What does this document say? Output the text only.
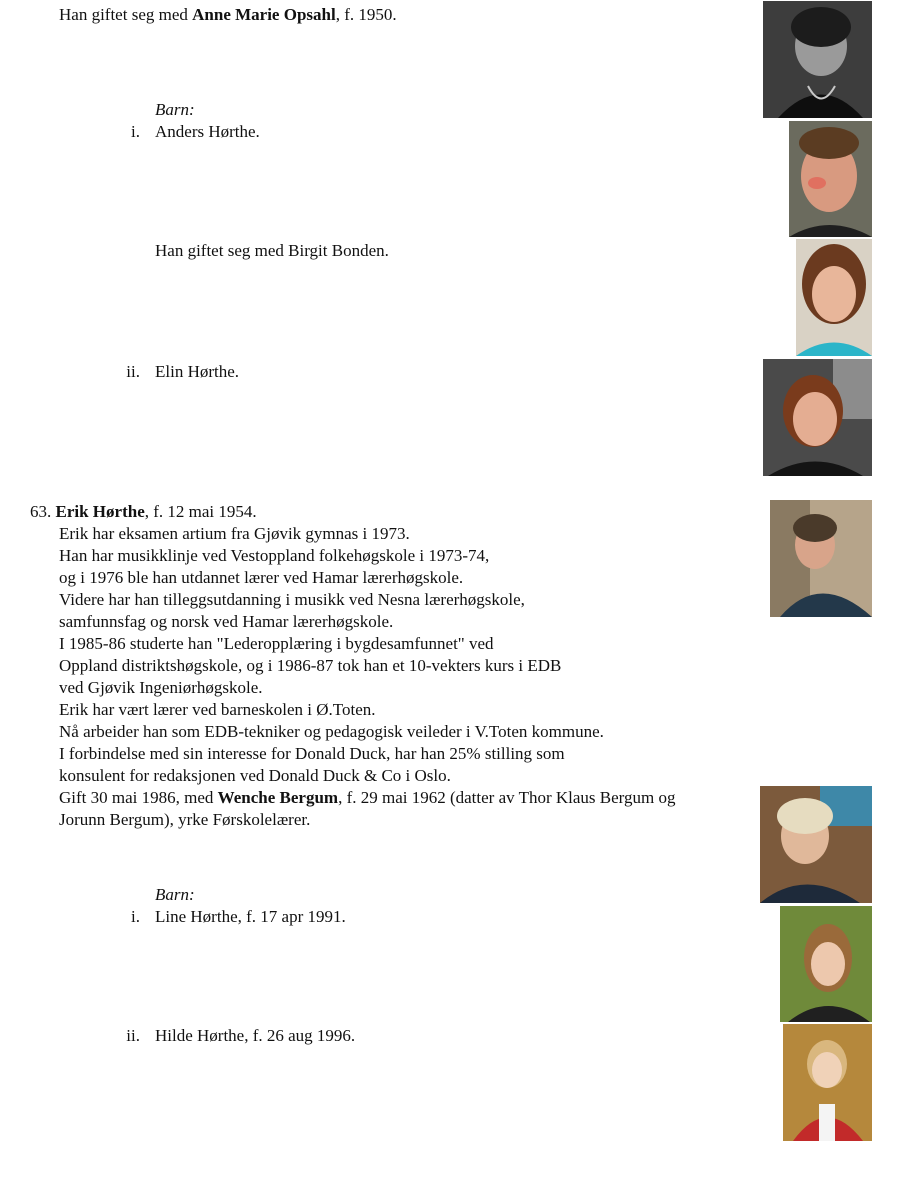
Han giftet seg med Anne Marie Opsahl, f. 1950.
Barn:
i. Anders Hørthe.
Han giftet seg med Birgit Bonden.
ii. Elin Hørthe.
63. Erik Hørthe, f. 12 mai 1954.
Erik har eksamen artium fra Gjøvik gymnas i 1973.
Han har musikklinje ved Vestoppland folkehøgskole i 1973-74,
og i 1976 ble han utdannet lærer ved Hamar lærerhøgskole.
Videre har han tilleggsutdanning i musikk ved Nesna lærerhøgskole,
samfunnsfag og norsk ved Hamar lærerhøgskole.
I 1985-86 studerte han "Lederopplæring i bygdesamfunnet" ved
Oppland distriktshøgskole, og i 1986-87 tok han et 10-vekters kurs i EDB
ved Gjøvik Ingeniørhøgskole.
Erik har vært lærer ved barneskolen i Ø.Toten.
Nå arbeider han som EDB-tekniker og pedagogisk veileder i V.Toten kommune.
I forbindelse med sin interesse for Donald Duck, har han 25% stilling som
konsulent for redaksjonen ved Donald Duck & Co i Oslo.
Gift 30 mai 1986, med Wenche Bergum, f. 29 mai 1962 (datter av Thor Klaus Bergum og
Jorunn Bergum), yrke Førskolelærer.
Barn:
i. Line Hørthe, f. 17 apr 1991.
ii. Hilde Hørthe, f. 26 aug 1996.
